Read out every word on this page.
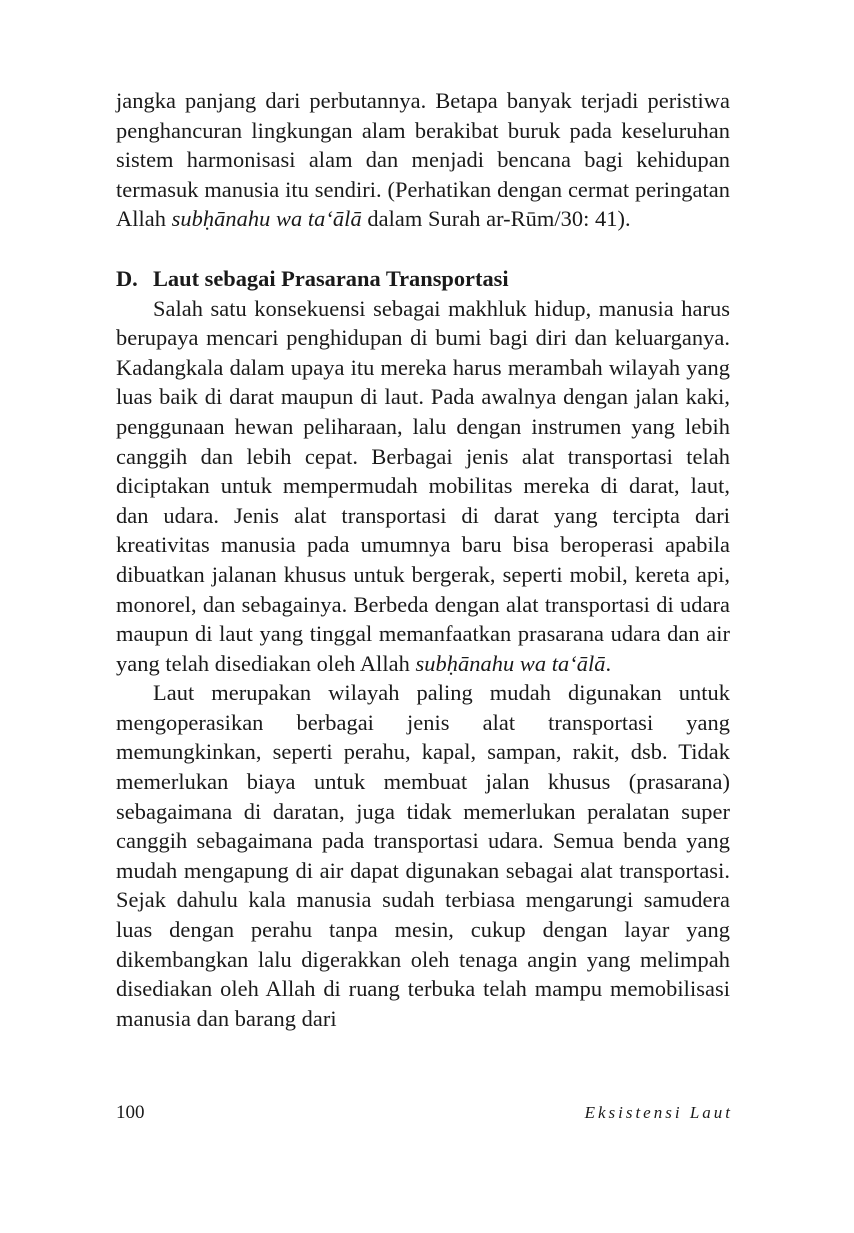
jangka panjang dari perbutannya. Betapa banyak terjadi peristiwa penghancuran lingkungan alam berakibat buruk pada keseluruhan sistem harmonisasi alam dan menjadi bencana bagi kehidupan termasuk manusia itu sendiri. (Perhatikan dengan cermat peringatan Allah subḥānahu wa ta‘ālā dalam Surah ar-Rūm/30: 41).

D. Laut sebagai Prasarana Transportasi

Salah satu konsekuensi sebagai makhluk hidup, manusia harus berupaya mencari penghidupan di bumi bagi diri dan keluarganya. Kadangkala dalam upaya itu mereka harus merambah wilayah yang luas baik di darat maupun di laut. Pada awalnya dengan jalan kaki, penggunaan hewan peliharaan, lalu dengan instrumen yang lebih canggih dan lebih cepat. Berbagai jenis alat transportasi telah diciptakan untuk mempermudah mobilitas mereka di darat, laut, dan udara. Jenis alat transportasi di darat yang tercipta dari kreativitas manusia pada umumnya baru bisa beroperasi apabila dibuatkan jalanan khusus untuk bergerak, seperti mobil, kereta api, monorel, dan sebagainya. Berbeda dengan alat transportasi di udara maupun di laut yang tinggal memanfaatkan prasarana udara dan air yang telah disediakan oleh Allah subḥānahu wa ta‘ālā.

Laut merupakan wilayah paling mudah digunakan untuk mengoperasikan berbagai jenis alat transportasi yang memungkinkan, seperti perahu, kapal, sampan, rakit, dsb. Tidak memerlukan biaya untuk membuat jalan khusus (prasarana) sebagaimana di daratan, juga tidak memerlukan peralatan super canggih sebagaimana pada transportasi udara. Semua benda yang mudah mengapung di air dapat digunakan sebagai alat transportasi. Sejak dahulu kala manusia sudah terbiasa mengarungi samudera luas dengan perahu tanpa mesin, cukup dengan layar yang dikembangkan lalu digerakkan oleh tenaga angin yang melimpah disediakan oleh Allah di ruang terbuka telah mampu memobilisasi manusia dan barang dari

100	Eksistensi Laut
